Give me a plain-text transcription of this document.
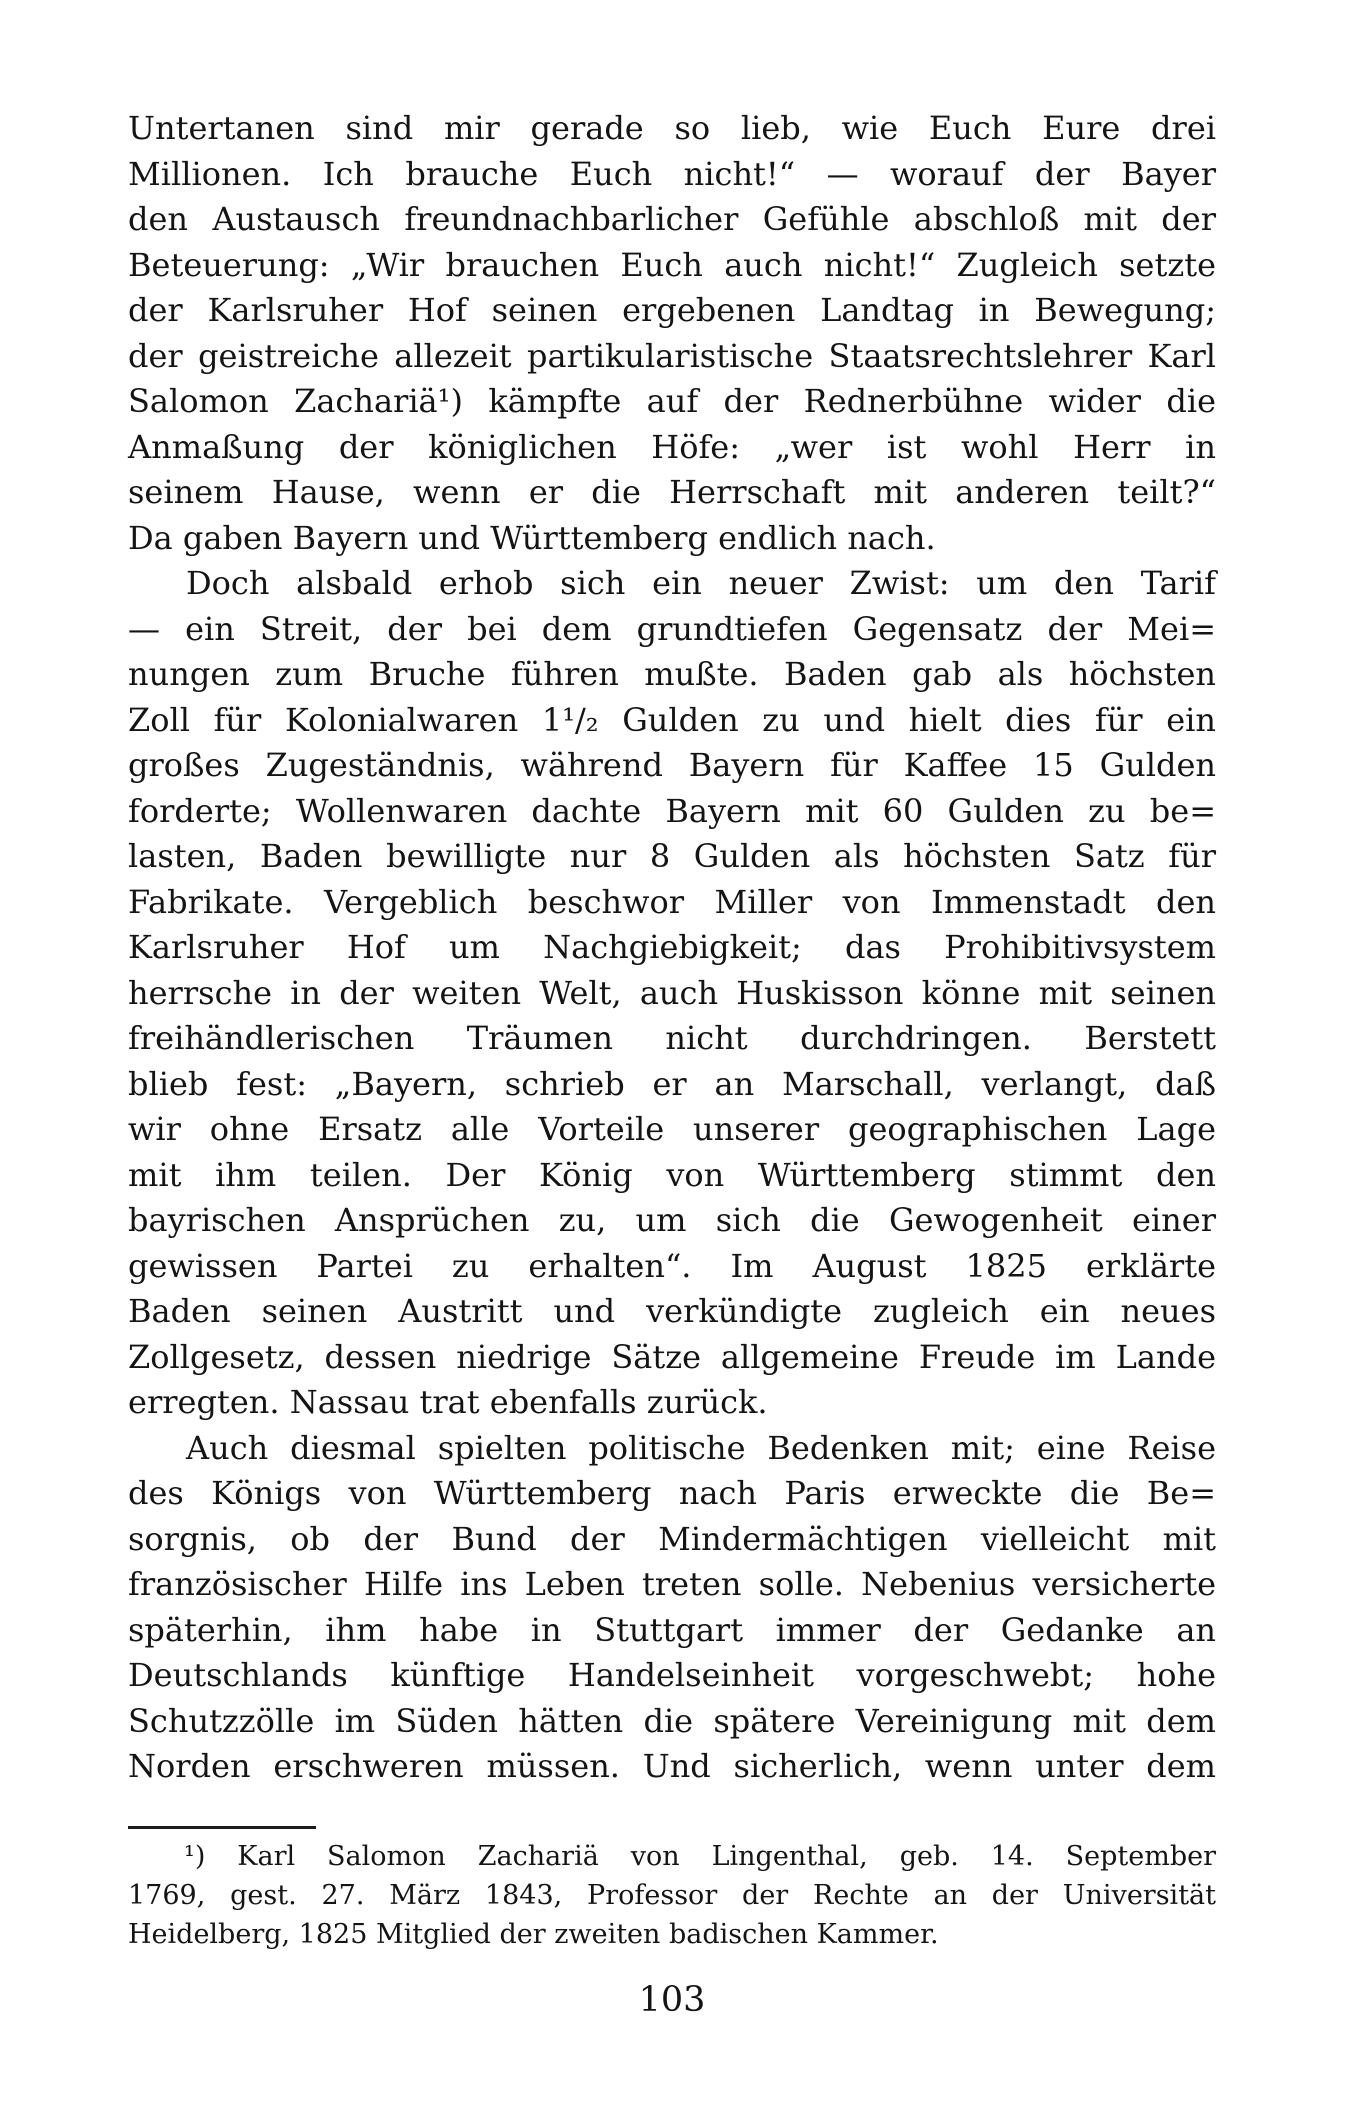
Untertanen sind mir gerade so lieb, wie Euch Eure drei
Millionen. Ich brauche Euch nicht!“ — worauf der Bayer
den Austausch freundnachbarlicher Gefühle abschloß mit der
Beteuerung: „Wir brauchen Euch auch nicht!“ Zugleich setzte
der Karlsruher Hof seinen ergebenen Landtag in Bewegung;
der geistreiche allezeit partikularistische Staatsrechtslehrer Karl
Salomon Zachariä¹) kämpfte auf der Rednerbühne wider die
Anmaßung der königlichen Höfe: „wer ist wohl Herr in
seinem Hause, wenn er die Herrschaft mit anderen teilt?“
Da gaben Bayern und Württemberg endlich nach.
Doch alsbald erhob sich ein neuer Zwist: um den Tarif
— ein Streit, der bei dem grundtiefen Gegensatz der Mei=
nungen zum Bruche führen mußte. Baden gab als höchsten
Zoll für Kolonialwaren 1¹/₂ Gulden zu und hielt dies für ein
großes Zugeständnis, während Bayern für Kaffee 15 Gulden
forderte; Wollenwaren dachte Bayern mit 60 Gulden zu be=
lasten, Baden bewilligte nur 8 Gulden als höchsten Satz für
Fabrikate. Vergeblich beschwor Miller von Immenstadt den
Karlsruher Hof um Nachgiebigkeit; das Prohibitivsystem
herrsche in der weiten Welt, auch Huskisson könne mit seinen
freihändlerischen Träumen nicht durchdringen. Berstett
blieb fest: „Bayern, schrieb er an Marschall, verlangt, daß
wir ohne Ersatz alle Vorteile unserer geographischen Lage
mit ihm teilen. Der König von Württemberg stimmt den
bayrischen Ansprüchen zu, um sich die Gewogenheit einer
gewissen Partei zu erhalten“. Im August 1825 erklärte
Baden seinen Austritt und verkündigte zugleich ein neues
Zollgesetz, dessen niedrige Sätze allgemeine Freude im Lande
erregten. Nassau trat ebenfalls zurück.
Auch diesmal spielten politische Bedenken mit; eine Reise
des Königs von Württemberg nach Paris erweckte die Be=
sorgnis, ob der Bund der Mindermächtigen vielleicht mit
französischer Hilfe ins Leben treten solle. Nebenius versicherte
späterhin, ihm habe in Stuttgart immer der Gedanke an
Deutschlands künftige Handelseinheit vorgeschwebt; hohe
Schutzzölle im Süden hätten die spätere Vereinigung mit dem
Norden erschweren müssen. Und sicherlich, wenn unter dem
¹) Karl Salomon Zachariä von Lingenthal, geb. 14. September
1769, gest. 27. März 1843, Professor der Rechte an der Universität
Heidelberg, 1825 Mitglied der zweiten badischen Kammer.
103
